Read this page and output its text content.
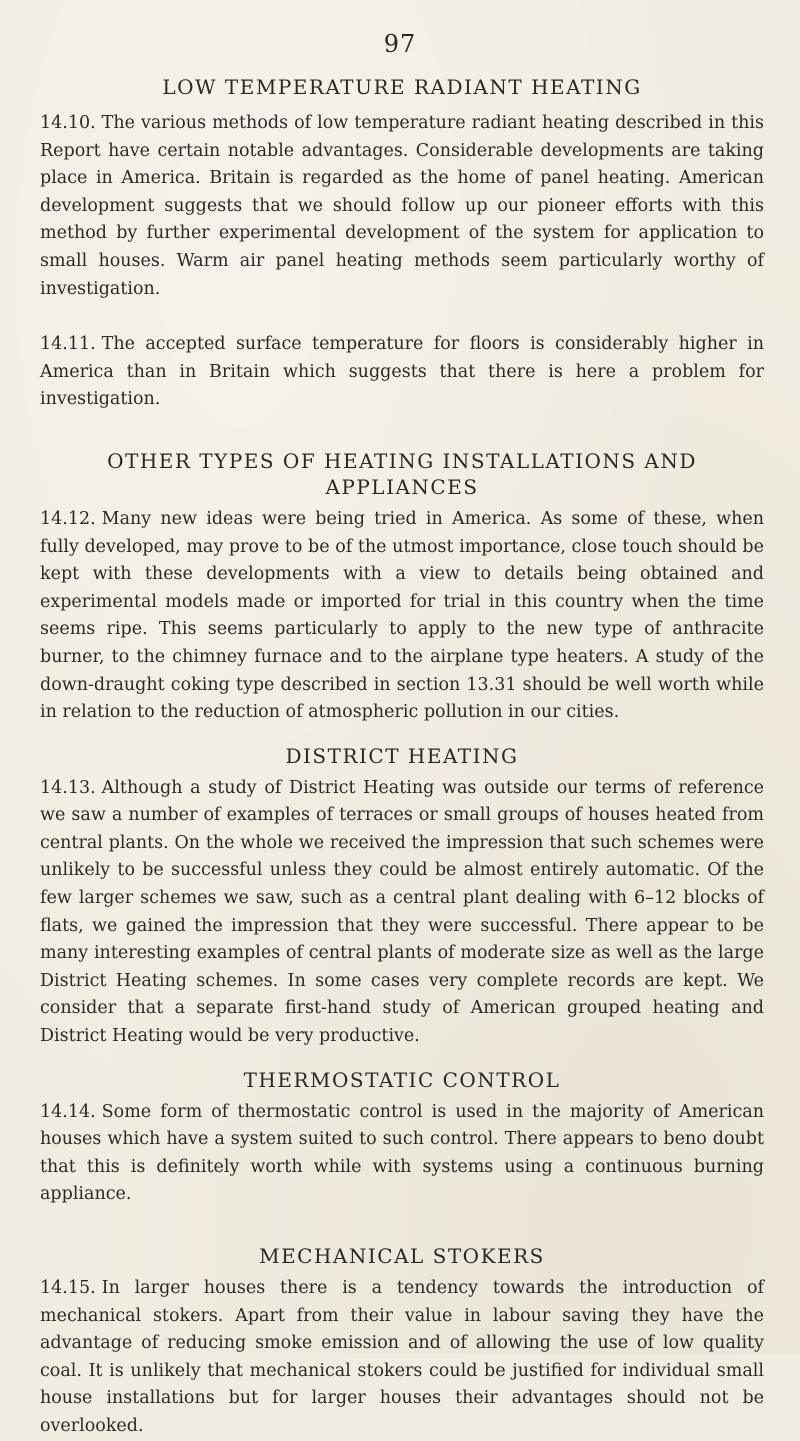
97
LOW TEMPERATURE RADIANT HEATING

14.10. The various methods of low temperature radiant heating described in this Report have certain notable advantages. Considerable developments are taking place in America. Britain is regarded as the home of panel heating. American development suggests that we should follow up our pioneer efforts with this method by further experimental development of the system for application to small houses. Warm air panel heating methods seem particularly worthy of investigation.

14.11. The accepted surface temperature for floors is considerably higher in America than in Britain which suggests that there is here a problem for investigation.

OTHER TYPES OF HEATING INSTALLATIONS AND APPLIANCES

14.12. Many new ideas were being tried in America. As some of these, when fully developed, may prove to be of the utmost importance, close touch should be kept with these developments with a view to details being obtained and experimental models made or imported for trial in this country when the time seems ripe. This seems particularly to apply to the new type of anthracite burner, to the chimney furnace and to the airplane type heaters. A study of the down-draught coking type described in section 13.31 should be well worth while in relation to the reduction of atmospheric pollution in our cities.

DISTRICT HEATING

14.13. Although a study of District Heating was outside our terms of reference we saw a number of examples of terraces or small groups of houses heated from central plants. On the whole we received the impression that such schemes were unlikely to be successful unless they could be almost entirely automatic. Of the few larger schemes we saw, such as a central plant dealing with 6–12 blocks of flats, we gained the impression that they were successful. There appear to be many interesting examples of central plants of moderate size as well as the large District Heating schemes. In some cases very complete records are kept. We consider that a separate first-hand study of American grouped heating and District Heating would be very productive.

THERMOSTATIC CONTROL

14.14. Some form of thermostatic control is used in the majority of American houses which have a system suited to such control. There appears to beno doubt that this is definitely worth while with systems using a continuous burning appliance.

MECHANICAL STOKERS

14.15. In larger houses there is a tendency towards the introduction of mechanical stokers. Apart from their value in labour saving they have the advantage of reducing smoke emission and of allowing the use of low quality coal. It is unlikely that mechanical stokers could be justified for individual small house installations but for larger houses their advantages should not be overlooked.
